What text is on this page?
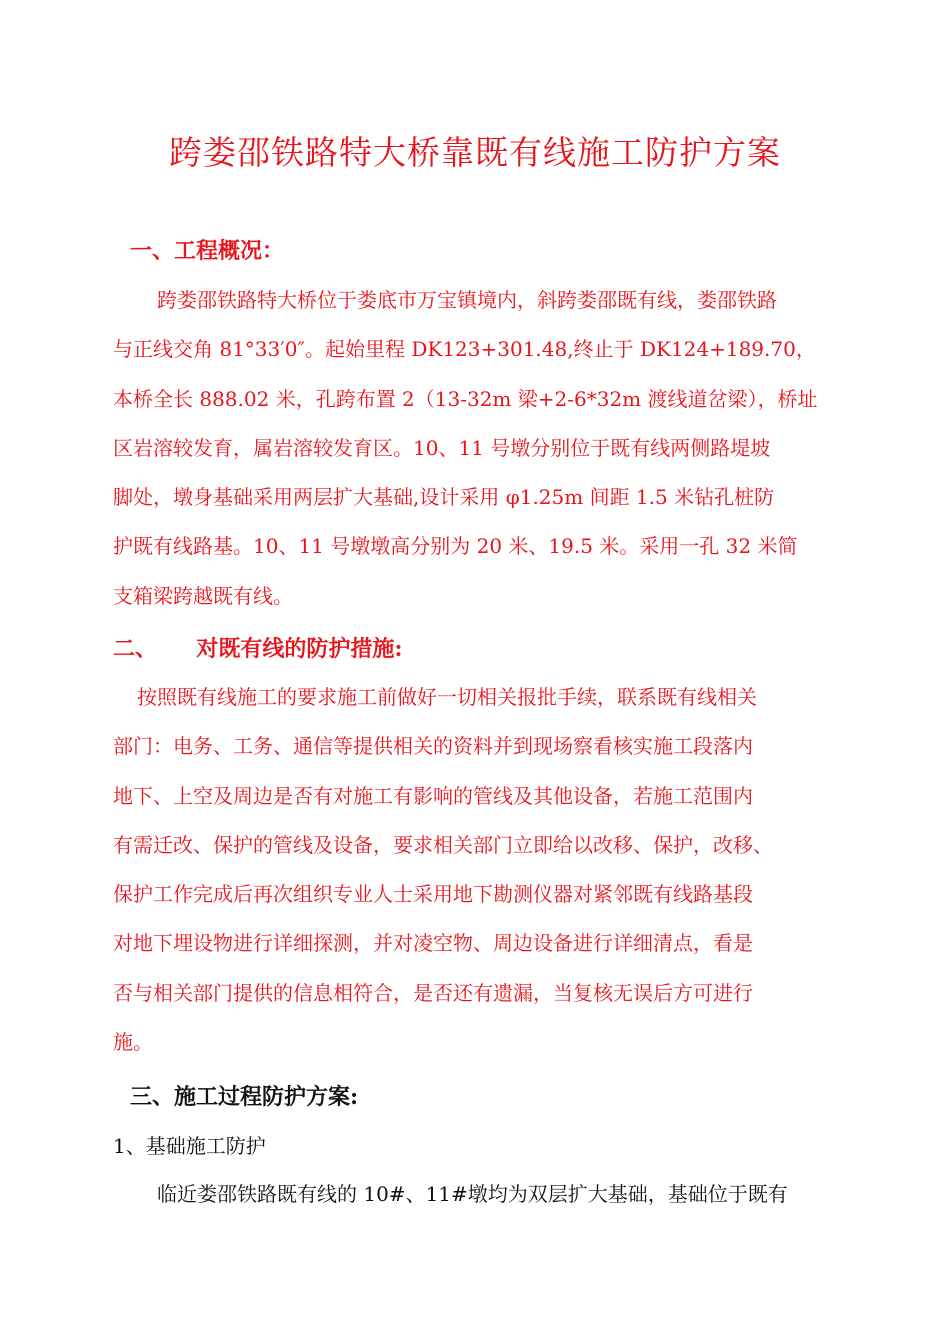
跨娄邵铁路特大桥靠既有线施工防护方案
一、工程概况：
跨娄邵铁路特大桥位于娄底市万宝镇境内，斜跨娄邵既有线，娄邵铁路
与正线交角 81°33′0″。起始里程 DK123+301.48,终止于 DK124+189.70，
本桥全长 888.02 米，孔跨布置 2（13-32m 梁+2-6*32m 渡线道岔梁），桥址
区岩溶较发育，属岩溶较发育区。10、11 号墩分别位于既有线两侧路堤坡
脚处，墩身基础采用两层扩大基础,设计采用 φ1.25m 间距 1.5 米钻孔桩防
护既有线路基。10、11 号墩墩高分别为 20 米、19.5 米。采用一孔 32 米简
支箱梁跨越既有线。
二、 对既有线的防护措施:
按照既有线施工的要求施工前做好一切相关报批手续，联系既有线相关
部门：电务、工务、通信等提供相关的资料并到现场察看核实施工段落内
地下、上空及周边是否有对施工有影响的管线及其他设备，若施工范围内
有需迁改、保护的管线及设备，要求相关部门立即给以改移、保护，改移、
保护工作完成后再次组织专业人士采用地下勘测仪器对紧邻既有线路基段
对地下埋设物进行详细探测，并对凌空物、周边设备进行详细清点，看是
否与相关部门提供的信息相符合，是否还有遗漏，当复核无误后方可进行
施。
三、施工过程防护方案:
1、基础施工防护
临近娄邵铁路既有线的 10#、11#墩均为双层扩大基础，基础位于既有
